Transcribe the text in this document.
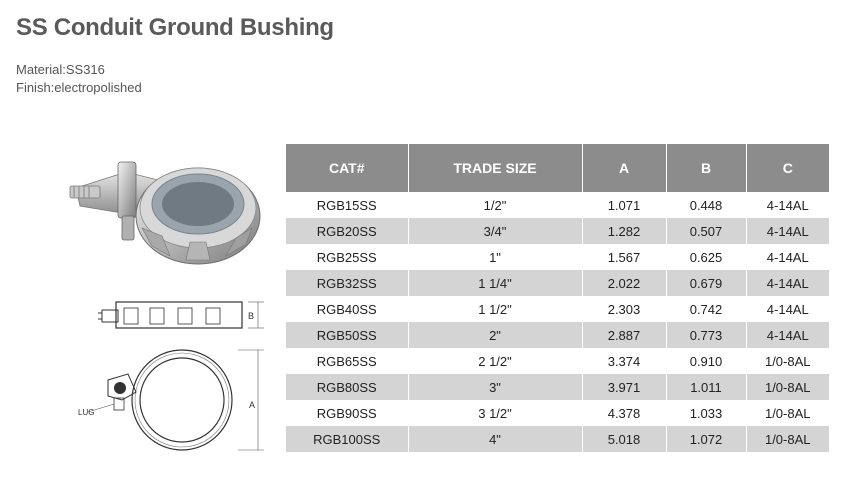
SS Conduit Ground Bushing
Material:SS316
Finish:electropolished
B
LUG
A
CAT#	TRADE SIZE	A	B	C
RGB15SS	1/2"	1.071	0.448	4-14AL
RGB20SS	3/4"	1.282	0.507	4-14AL
RGB25SS	1"	1.567	0.625	4-14AL
RGB32SS	1 1/4"	2.022	0.679	4-14AL
RGB40SS	1 1/2"	2.303	0.742	4-14AL
RGB50SS	2"	2.887	0.773	4-14AL
RGB65SS	2 1/2"	3.374	0.910	1/0-8AL
RGB80SS	3"	3.971	1.011	1/0-8AL
RGB90SS	3 1/2"	4.378	1.033	1/0-8AL
RGB100SS	4"	5.018	1.072	1/0-8AL
